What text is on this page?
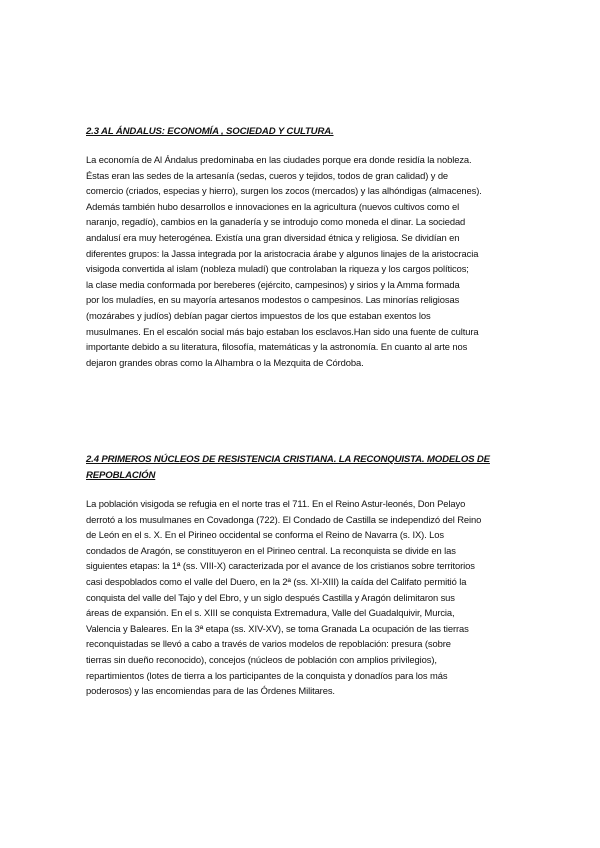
2.3 AL ÁNDALUS: ECONOMÍA , SOCIEDAD Y CULTURA.

La economía de Al Ándalus predominaba en las ciudades porque era donde residía la nobleza.
Éstas eran las sedes de la artesanía (sedas, cueros y tejidos, todos de gran calidad) y de
comercio (criados, especias y hierro), surgen los zocos (mercados) y las alhóndigas (almacenes).
Además también hubo desarrollos e innovaciones en la agricultura (nuevos cultivos como el
naranjo, regadío), cambios en la ganadería y se introdujo como moneda el dinar. La sociedad
andalusí era muy heterogénea. Existía una gran diversidad étnica y religiosa. Se dividían en
diferentes grupos: la Jassa integrada por la aristocracia árabe y algunos linajes de la aristocracia
visigoda convertida al islam (nobleza muladí) que controlaban la riqueza y los cargos políticos;
la clase media conformada por bereberes (ejército, campesinos) y sirios y la Amma formada
por los muladíes, en su mayoría artesanos modestos o campesinos. Las minorías religiosas
(mozárabes y judíos) debían pagar ciertos impuestos de los que estaban exentos los
musulmanes. En el escalón social más bajo estaban los esclavos.Han sido una fuente de cultura
importante debido a su literatura, filosofía, matemáticas y la astronomía. En cuanto al arte nos
dejaron grandes obras como la Alhambra o la Mezquita de Córdoba.

2.4 PRIMEROS NÚCLEOS DE RESISTENCIA CRISTIANA. LA RECONQUISTA. MODELOS DE
REPOBLACIÓN

La población visigoda se refugia en el norte tras el 711. En el Reino Astur-leonés, Don Pelayo
derrotó a los musulmanes en Covadonga (722). El Condado de Castilla se independizó del Reino
de León en el s. X. En el Pirineo occidental se conforma el Reino de Navarra (s. IX). Los
condados de Aragón, se constituyeron en el Pirineo central. La reconquista se divide en las
siguientes etapas: la 1ª (ss. VIII-X) caracterizada por el avance de los cristianos sobre territorios
casi despoblados como el valle del Duero, en la 2ª (ss. XI-XIII) la caída del Califato permitió la
conquista del valle del Tajo y del Ebro, y un siglo después Castilla y Aragón delimitaron sus
áreas de expansión. En el s. XIII se conquista Extremadura, Valle del Guadalquivir, Murcia,
Valencia y Baleares. En la 3ª etapa (ss. XIV-XV), se toma Granada La ocupación de las tierras
reconquistadas se llevó a cabo a través de varios modelos de repoblación: presura (sobre
tierras sin dueño reconocido), concejos (núcleos de población con amplios privilegios),
repartimientos (lotes de tierra a los participantes de la conquista y donadíos para los más
poderosos) y las encomiendas para de las Órdenes Militares.
